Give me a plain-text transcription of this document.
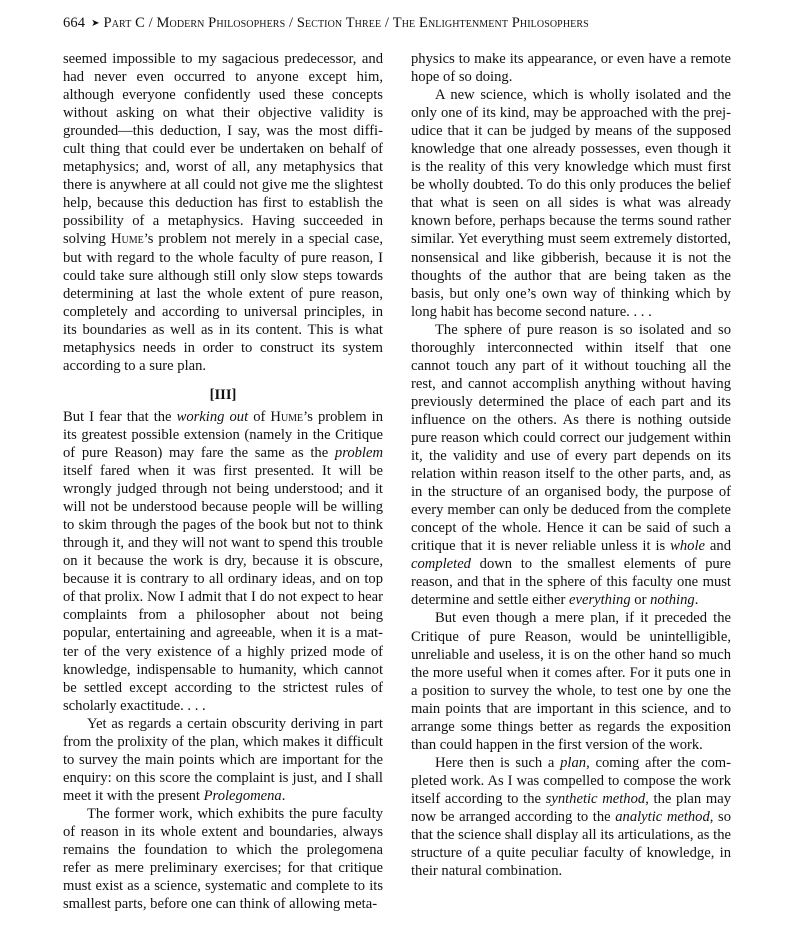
664 ➤ Part C / Modern Philosophers / Section Three / The Enlightenment Philosophers

seemed impossible to my sagacious predecessor, and had never even occurred to anyone except him, although everyone confidently used these concepts without asking on what their objective validity is grounded—this deduction, I say, was the most difficult thing that could ever be undertaken on behalf of metaphysics; and, worst of all, any metaphysics that there is anywhere at all could not give me the slightest help, because this deduction has first to establish the possibility of a metaphysics. Having succeeded in solving Hume’s problem not merely in a special case, but with regard to the whole faculty of pure reason, I could take sure although still only slow steps towards determining at last the whole extent of pure reason, completely and according to universal principles, in its boundaries as well as in its content. This is what metaphysics needs in order to construct its system according to a sure plan.

[III]

But I fear that the working out of Hume’s problem in its greatest possible extension (namely in the Critique of pure Reason) may fare the same as the problem itself fared when it was first presented. It will be wrongly judged through not being understood; and it will not be understood because people will be willing to skim through the pages of the book but not to think through it, and they will not want to spend this trouble on it because the work is dry, because it is obscure, because it is contrary to all ordinary ideas, and on top of that prolix. Now I admit that I do not expect to hear complaints from a philosopher about not being popular, entertaining and agreeable, when it is a matter of the very existence of a highly prized mode of knowledge, indispensable to humanity, which cannot be settled except according to the strictest rules of scholarly exactitude. . . .

Yet as regards a certain obscurity deriving in part from the prolixity of the plan, which makes it difficult to survey the main points which are important for the enquiry: on this score the complaint is just, and I shall meet it with the present Prolegomena.

The former work, which exhibits the pure faculty of reason in its whole extent and boundaries, always remains the foundation to which the prolegomena refer as mere preliminary exercises; for that critique must exist as a science, systematic and complete to its smallest parts, before one can think of allowing meta-

physics to make its appearance, or even have a remote hope of so doing.

A new science, which is wholly isolated and the only one of its kind, may be approached with the prejudice that it can be judged by means of the supposed knowledge that one already possesses, even though it is the reality of this very knowledge which must first be wholly doubted. To do this only produces the belief that what is seen on all sides is what was already known before, perhaps because the terms sound rather similar. Yet everything must seem extremely distorted, nonsensical and like gibberish, because it is not the thoughts of the author that are being taken as the basis, but only one’s own way of thinking which by long habit has become second nature. . . .

The sphere of pure reason is so isolated and so thoroughly interconnected within itself that one cannot touch any part of it without touching all the rest, and cannot accomplish anything without having previously determined the place of each part and its influence on the others. As there is nothing outside pure reason which could correct our judgement within it, the validity and use of every part depends on its relation within reason itself to the other parts, and, as in the structure of an organised body, the purpose of every member can only be deduced from the complete concept of the whole. Hence it can be said of such a critique that it is never reliable unless it is whole and completed down to the smallest elements of pure reason, and that in the sphere of this faculty one must determine and settle either everything or nothing.

But even though a mere plan, if it preceded the Critique of pure Reason, would be unintelligible, unreliable and useless, it is on the other hand so much the more useful when it comes after. For it puts one in a position to survey the whole, to test one by one the main points that are important in this science, and to arrange some things better as regards the exposition than could happen in the first version of the work.

Here then is such a plan, coming after the completed work. As I was compelled to compose the work itself according to the synthetic method, the plan may now be arranged according to the analytic method, so that the science shall display all its articulations, as the structure of a quite peculiar faculty of knowledge, in their natural combination.
